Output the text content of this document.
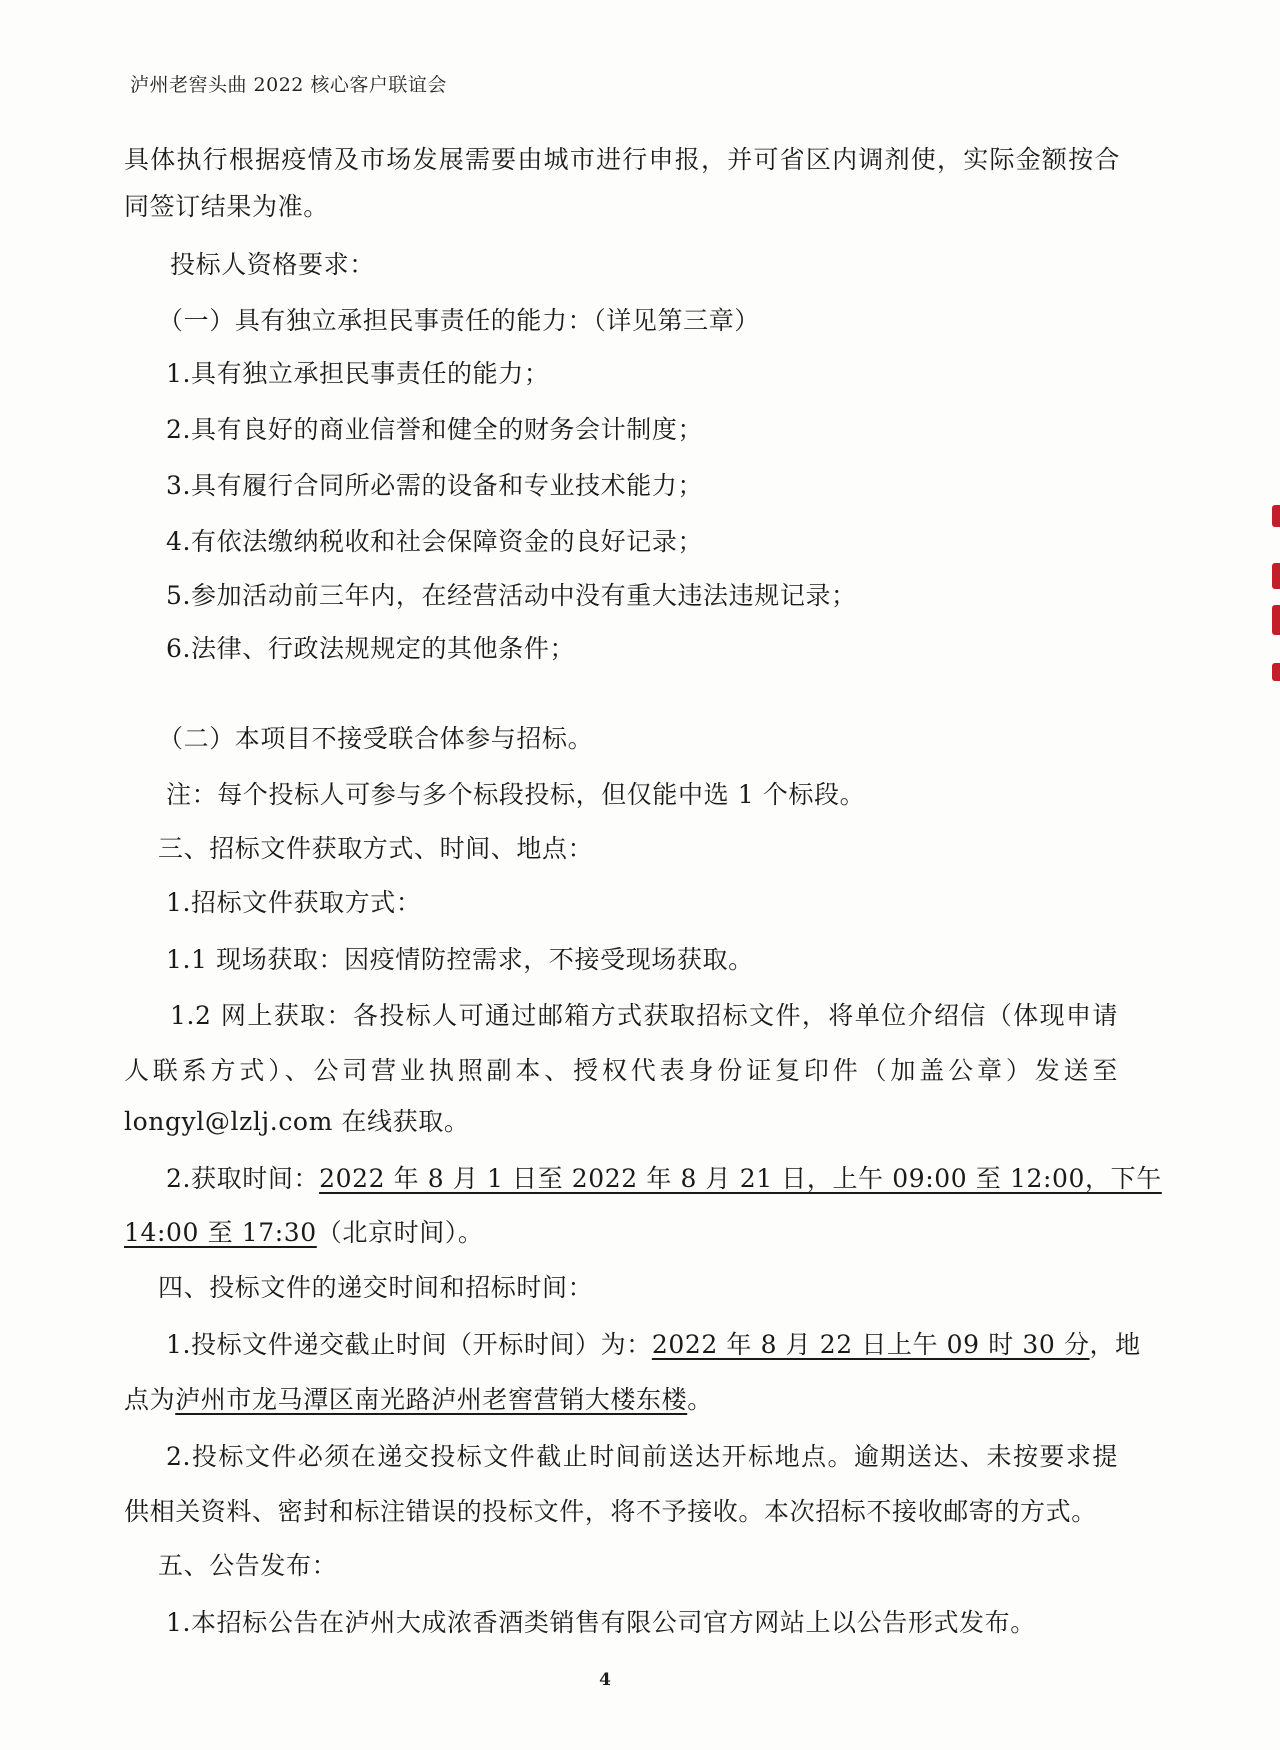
泸州老窖头曲 2022 核心客户联谊会
具体执行根据疫情及市场发展需要由城市进行申报，并可省区内调剂使，实际金额按合
同签订结果为准。
投标人资格要求：
（一）具有独立承担民事责任的能力：（详见第三章）
1.具有独立承担民事责任的能力；
2.具有良好的商业信誉和健全的财务会计制度；
3.具有履行合同所必需的设备和专业技术能力；
4.有依法缴纳税收和社会保障资金的良好记录；
5.参加活动前三年内，在经营活动中没有重大违法违规记录；
6.法律、行政法规规定的其他条件；
（二）本项目不接受联合体参与招标。
注：每个投标人可参与多个标段投标，但仅能中选 1 个标段。
三、招标文件获取方式、时间、地点：
1.招标文件获取方式：
1.1 现场获取：因疫情防控需求，不接受现场获取。
1.2 网上获取：各投标人可通过邮箱方式获取招标文件，将单位介绍信（体现申请
人联系方式）、公司营业执照副本、授权代表身份证复印件（加盖公章）发送至
longyl@lzlj.com 在线获取。
2.获取时间：2022 年 8 月 1 日至 2022 年 8 月 21 日，上午 09:00 至 12:00，下午
14:00 至 17:30（北京时间）。
四、投标文件的递交时间和招标时间：
1.投标文件递交截止时间（开标时间）为：2022 年 8 月 22 日上午 09 时 30 分，地
点为泸州市龙马潭区南光路泸州老窖营销大楼东楼。
2.投标文件必须在递交投标文件截止时间前送达开标地点。逾期送达、未按要求提
供相关资料、密封和标注错误的投标文件，将不予接收。本次招标不接收邮寄的方式。
五、公告发布：
1.本招标公告在泸州大成浓香酒类销售有限公司官方网站上以公告形式发布。
4
